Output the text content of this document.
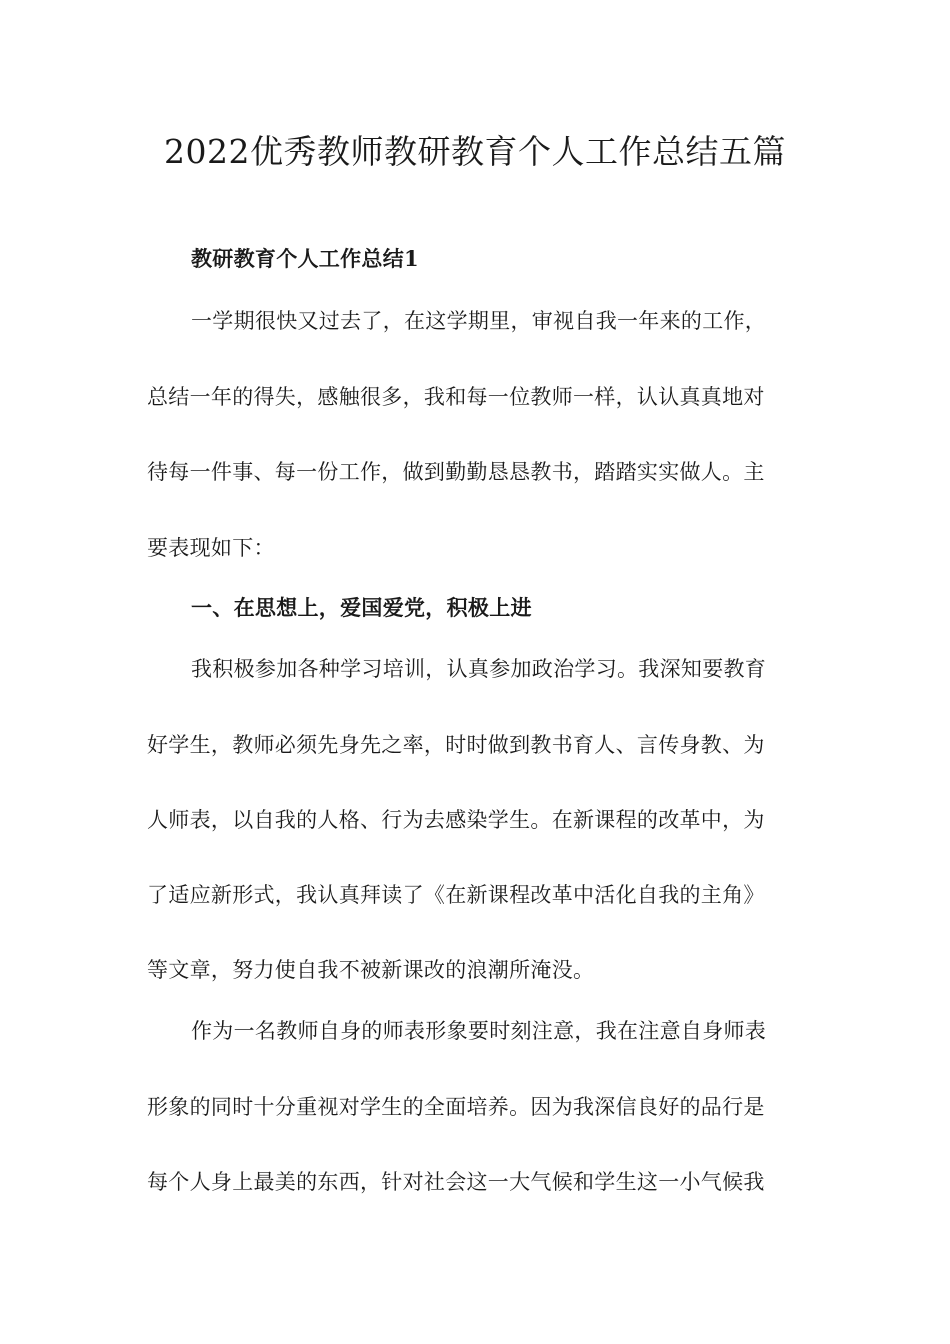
2022优秀教师教研教育个人工作总结五篇
教研教育个人工作总结1
一学期很快又过去了，在这学期里，审视自我一年来的工作，
总结一年的得失，感触很多，我和每一位教师一样，认认真真地对
待每一件事、每一份工作，做到勤勤恳恳教书，踏踏实实做人。主
要表现如下：
一、在思想上，爱国爱党，积极上进
我积极参加各种学习培训，认真参加政治学习。我深知要教育
好学生，教师必须先身先之率，时时做到教书育人、言传身教、为
人师表，以自我的人格、行为去感染学生。在新课程的改革中，为
了适应新形式，我认真拜读了《在新课程改革中活化自我的主角》
等文章，努力使自我不被新课改的浪潮所淹没。
作为一名教师自身的师表形象要时刻注意，我在注意自身师表
形象的同时十分重视对学生的全面培养。因为我深信良好的品行是
每个人身上最美的东西，针对社会这一大气候和学生这一小气候我
